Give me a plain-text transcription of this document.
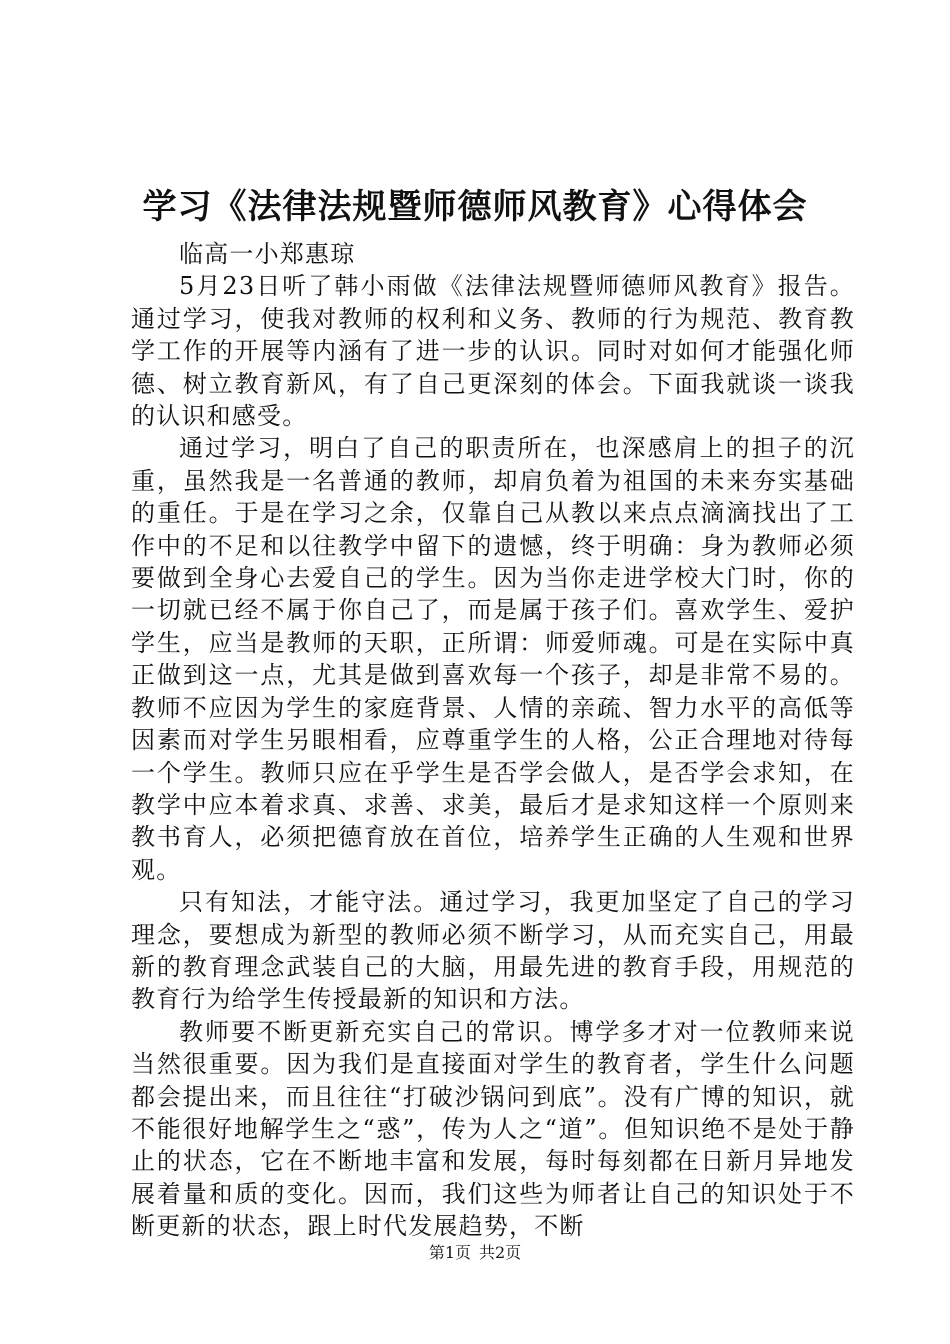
学习《法律法规暨师德师风教育》心得体会

临高一小郑惠琼

5月23日听了韩小雨做《法律法规暨师德师风教育》报告。通过学习，使我对教师的权利和义务、教师的行为规范、教育教学工作的开展等内涵有了进一步的认识。同时对如何才能强化师德、树立教育新风，有了自己更深刻的体会。下面我就谈一谈我的认识和感受。

通过学习，明白了自己的职责所在，也深感肩上的担子的沉重，虽然我是一名普通的教师，却肩负着为祖国的未来夯实基础的重任。于是在学习之余，仅靠自己从教以来点点滴滴找出了工作中的不足和以往教学中留下的遗憾，终于明确：身为教师必须要做到全身心去爱自己的学生。因为当你走进学校大门时，你的一切就已经不属于你自己了，而是属于孩子们。喜欢学生、爱护学生，应当是教师的天职，正所谓：师爱师魂。可是在实际中真正做到这一点，尤其是做到喜欢每一个孩子，却是非常不易的。教师不应因为学生的家庭背景、人情的亲疏、智力水平的高低等因素而对学生另眼相看，应尊重学生的人格，公正合理地对待每一个学生。教师只应在乎学生是否学会做人，是否学会求知，在教学中应本着求真、求善、求美，最后才是求知这样一个原则来教书育人，必须把德育放在首位，培养学生正确的人生观和世界观。

只有知法，才能守法。通过学习，我更加坚定了自己的学习理念，要想成为新型的教师必须不断学习，从而充实自己，用最新的教育理念武装自己的大脑，用最先进的教育手段，用规范的教育行为给学生传授最新的知识和方法。

教师要不断更新充实自己的常识。博学多才对一位教师来说当然很重要。因为我们是直接面对学生的教育者，学生什么问题都会提出来，而且往往“打破沙锅问到底”。没有广博的知识，就不能很好地解学生之“惑”，传为人之“道”。但知识绝不是处于静止的状态，它在不断地丰富和发展，每时每刻都在日新月异地发展着量和质的变化。因而，我们这些为师者让自己的知识处于不断更新的状态，跟上时代发展趋势，不断

第1页 共2页
